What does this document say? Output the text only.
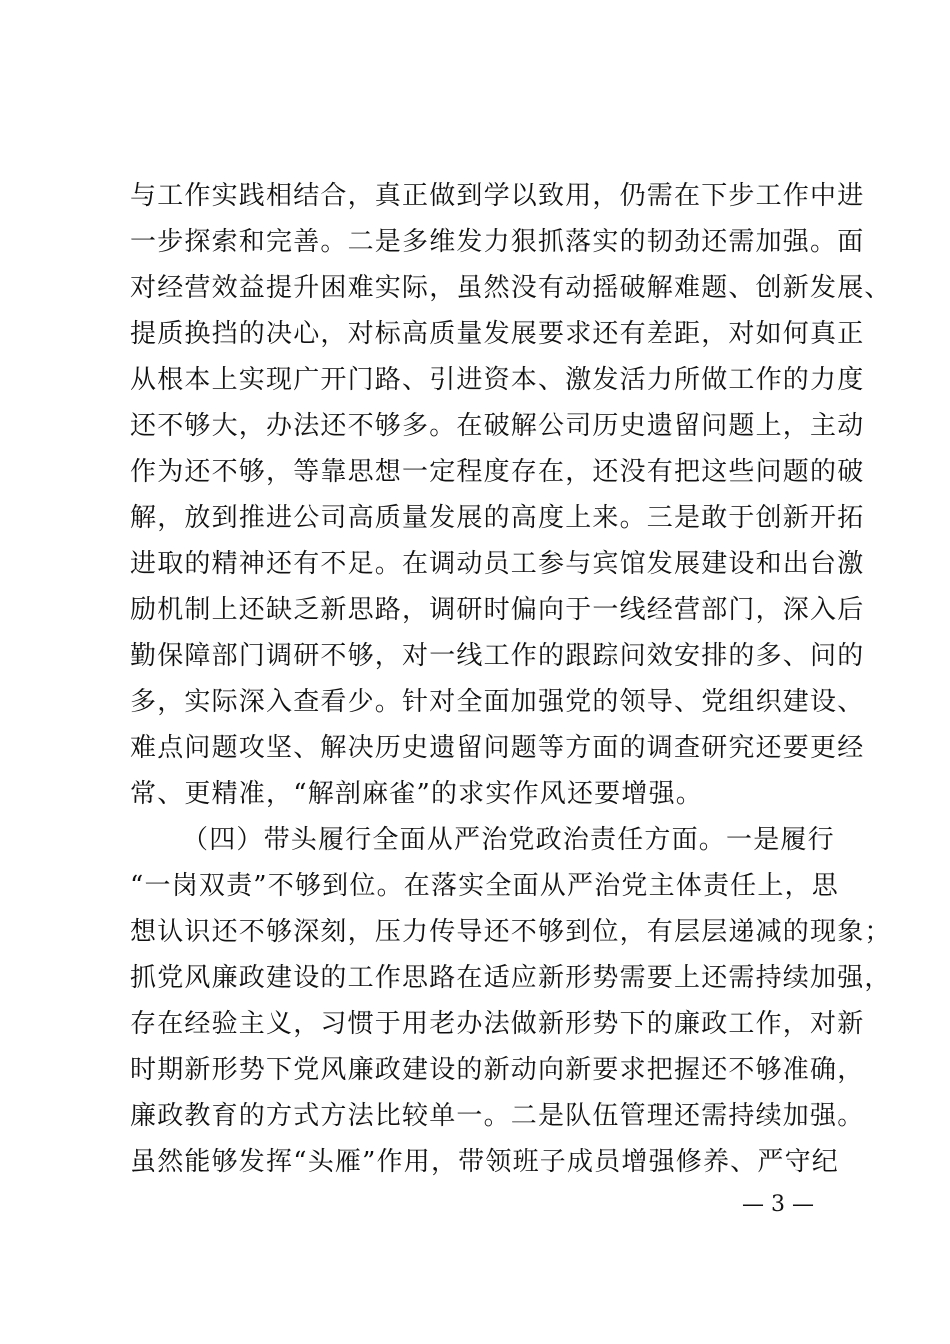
与工作实践相结合，真正做到学以致用，仍需在下步工作中进
一步探索和完善。二是多维发力狠抓落实的韧劲还需加强。面
对经营效益提升困难实际，虽然没有动摇破解难题、创新发展、
提质换挡的决心，对标高质量发展要求还有差距，对如何真正
从根本上实现广开门路、引进资本、激发活力所做工作的力度
还不够大，办法还不够多。在破解公司历史遗留问题上，主动
作为还不够，等靠思想一定程度存在，还没有把这些问题的破
解，放到推进公司高质量发展的高度上来。三是敢于创新开拓
进取的精神还有不足。在调动员工参与宾馆发展建设和出台激
励机制上还缺乏新思路，调研时偏向于一线经营部门，深入后
勤保障部门调研不够，对一线工作的跟踪问效安排的多、问的
多，实际深入查看少。针对全面加强党的领导、党组织建设、
难点问题攻坚、解决历史遗留问题等方面的调查研究还要更经
常、更精准，“解剖麻雀”的求实作风还要增强。
（四）带头履行全面从严治党政治责任方面。一是履行
“一岗双责”不够到位。在落实全面从严治党主体责任上，思
想认识还不够深刻，压力传导还不够到位，有层层递减的现象；
抓党风廉政建设的工作思路在适应新形势需要上还需持续加强，
存在经验主义，习惯于用老办法做新形势下的廉政工作，对新
时期新形势下党风廉政建设的新动向新要求把握还不够准确，
廉政教育的方式方法比较单一。二是队伍管理还需持续加强。
虽然能够发挥“头雁”作用，带领班子成员增强修养、严守纪
— 3 —
